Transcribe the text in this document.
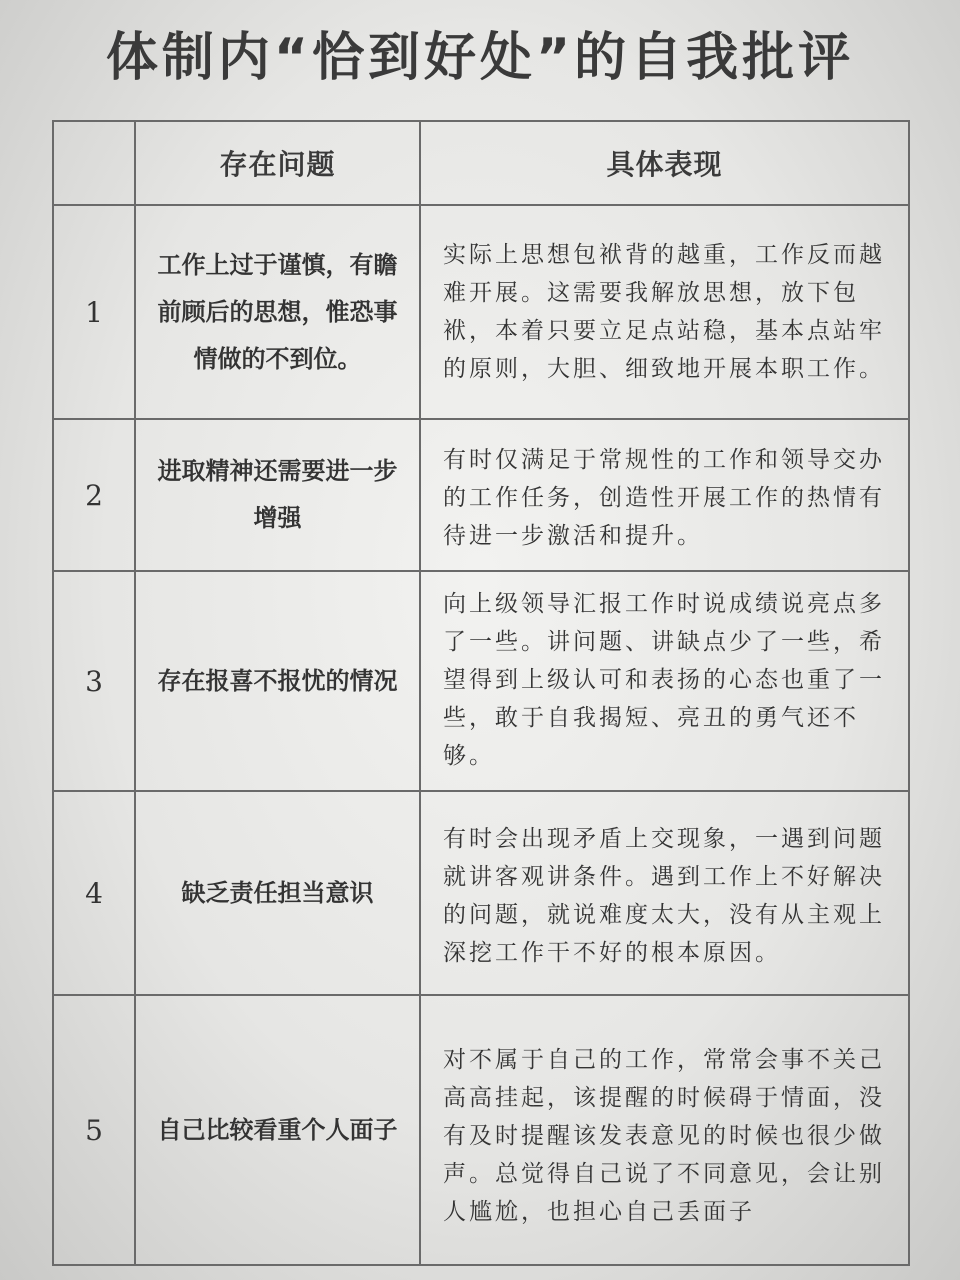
体制内“恰到好处”的自我批评
	存在问题	具体表现
1	工作上过于谨慎，有瞻前顾后的思想，惟恐事情做的不到位。	实际上思想包袱背的越重，工作反而越难开展。这需要我解放思想，放下包袱，本着只要立足点站稳，基本点站牢的原则，大胆、细致地开展本职工作。
2	进取精神还需要进一步增强	有时仅满足于常规性的工作和领导交办的工作任务，创造性开展工作的热情有待进一步激活和提升。
3	存在报喜不报忧的情况	向上级领导汇报工作时说成绩说亮点多了一些。讲问题、讲缺点少了一些，希望得到上级认可和表扬的心态也重了一些，敢于自我揭短、亮丑的勇气还不够。
4	缺乏责任担当意识	有时会出现矛盾上交现象，一遇到问题就讲客观讲条件。遇到工作上不好解决的问题，就说难度太大，没有从主观上深挖工作干不好的根本原因。
5	自己比较看重个人面子	对不属于自己的工作，常常会事不关己高高挂起，该提醒的时候碍于情面，没有及时提醒该发表意见的时候也很少做声。总觉得自己说了不同意见，会让别人尴尬，也担心自己丢面子
